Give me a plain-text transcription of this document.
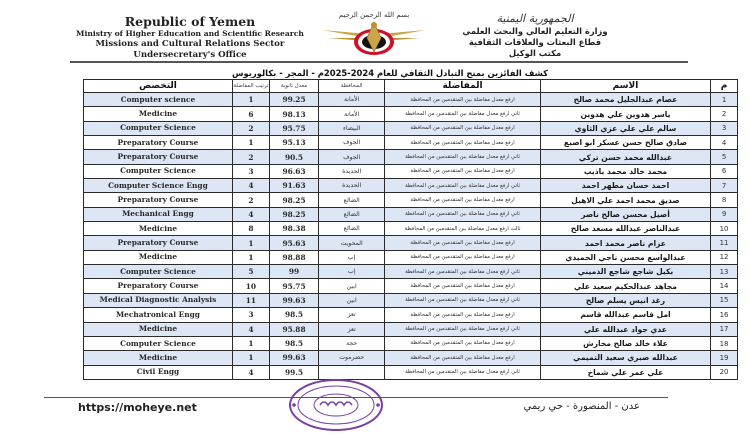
Republic of Yemen
Ministry of Higher Education and Scientific Research
Missions and Cultural Relations Sector
Undersecretary's Office
بسم الله الرحمن الرحيم	الجمهورية اليمنية
وزارة التعليم العالي والبحث العلمي
قطاع البعثات والعلاقات الثقافية
مكتب الوكيل
كشف الفائزين بمنح التبادل الثقافي للعام 2024-2025م - المجر - بكالوريوس
التخصص	ترتيب المفاضلة	معدل ثانوية	المحافظة	المفاضلة	الاسم	م
Computer science	1	99.25	الأمانة	ارفع معدل مفاضلة بين المتقدمين من المحافظة	عصام عبدالجليل محمد صالح	1
Medicine	6	98.13	الأمانة	ثاني ارفع معدل مفاضلة بين المتقدمين من المحافظة	ياسر هدوين علي هدوين	2
Computer Science	2	95.75	البيضاء	ارفع معدل مفاضلة بين المتقدمين من المحافظة	سالم علي علي عزي الثاوي	3
Preparatory Course	1	95.13	الجوف	ارفع معدل مفاضلة بين المتقدمين من المحافظة	صادق صالح حسن عسكر ابو اصبع	4
Preparatory Course	2	90.5	الجوف	ثاني ارفع معدل مفاضلة بين المتقدمين من المحافظة	عبدالله محمد حسن تركي	5
Computer Science	3	96.63	الحديدة	ارفع معدل مفاضلة بين المتقدمين من المحافظة	محمد خالد محمد باذيب	6
Computer Science Engg	4	91.63	الحديدة	ثاني ارفع معدل مفاضلة بين المتقدمين من المحافظة	احمد حسان مطهر احمد	7
Preparatory Course	2	98.25	الضالع	ارفع معدل مفاضلة بين المتقدمين من المحافظة	صديق محمد احمد علي الاهيل	8
Mechanical Engg	4	98.25	الضالع	ثاني ارفع معدل مفاضلة بين المتقدمين من المحافظة	أصيل محسن صالح ناصر	9
Medicine	8	98.38	الضالع	ثالث ارفع معدل مفاضلة بين المتقدمين من المحافظة	عبدالناصر عبدالله مسعد صالح	10
Preparatory Course	1	95.63	المحويت	ارفع معدل مفاضلة بين المتقدمين من المحافظة	عزام ناصر محمد احمد	11
Medicine	1	98.88	إب	ارفع معدل مفاضلة بين المتقدمين من المحافظة	عبدالواسع محسن ناجي الحميدي	12
Computer Science	5	99	إب	ثاني ارفع معدل مفاضلة بين المتقدمين من المحافظة	بكيل شاجع شاجع الدميني	13
Preparatory Course	10	95.75	ابين	ارفع معدل مفاضلة بين المتقدمين من المحافظة	مجاهد عبدالحكيم سعيد علي	14
Medical Diagnostic Analysis	11	99.63	ابين	ثاني ارفع معدل مفاضلة بين المتقدمين من المحافظة	رغد انيس يسلم صالح	15
Mechatronical Engg	3	98.5	تعز	ارفع معدل مفاضلة بين المتقدمين من المحافظة	امل قاسم عبدالله قاسم	16
Medicine	4	95.88	تعز	ثاني ارفع معدل مفاضلة بين المتقدمين من المحافظة	عدي جواد عبدالله علي	17
Computer Science	1	98.5	حجة	ارفع معدل مفاضلة بين المتقدمين من المحافظة	علاء خالد صالح مخارش	18
Medicine	1	99.63	حضرموت	ارفع معدل مفاضلة بين المتقدمين من المحافظة	عبدالله صبري سعيد التميمي	19
Civil Engg	4	99.5		ثاني ارفع معدل مفاضلة بين المتقدمين من المحافظة	علي عمر علي شماخ	20
https://moheye.net	عدن - المنصورة - حي ريمي
